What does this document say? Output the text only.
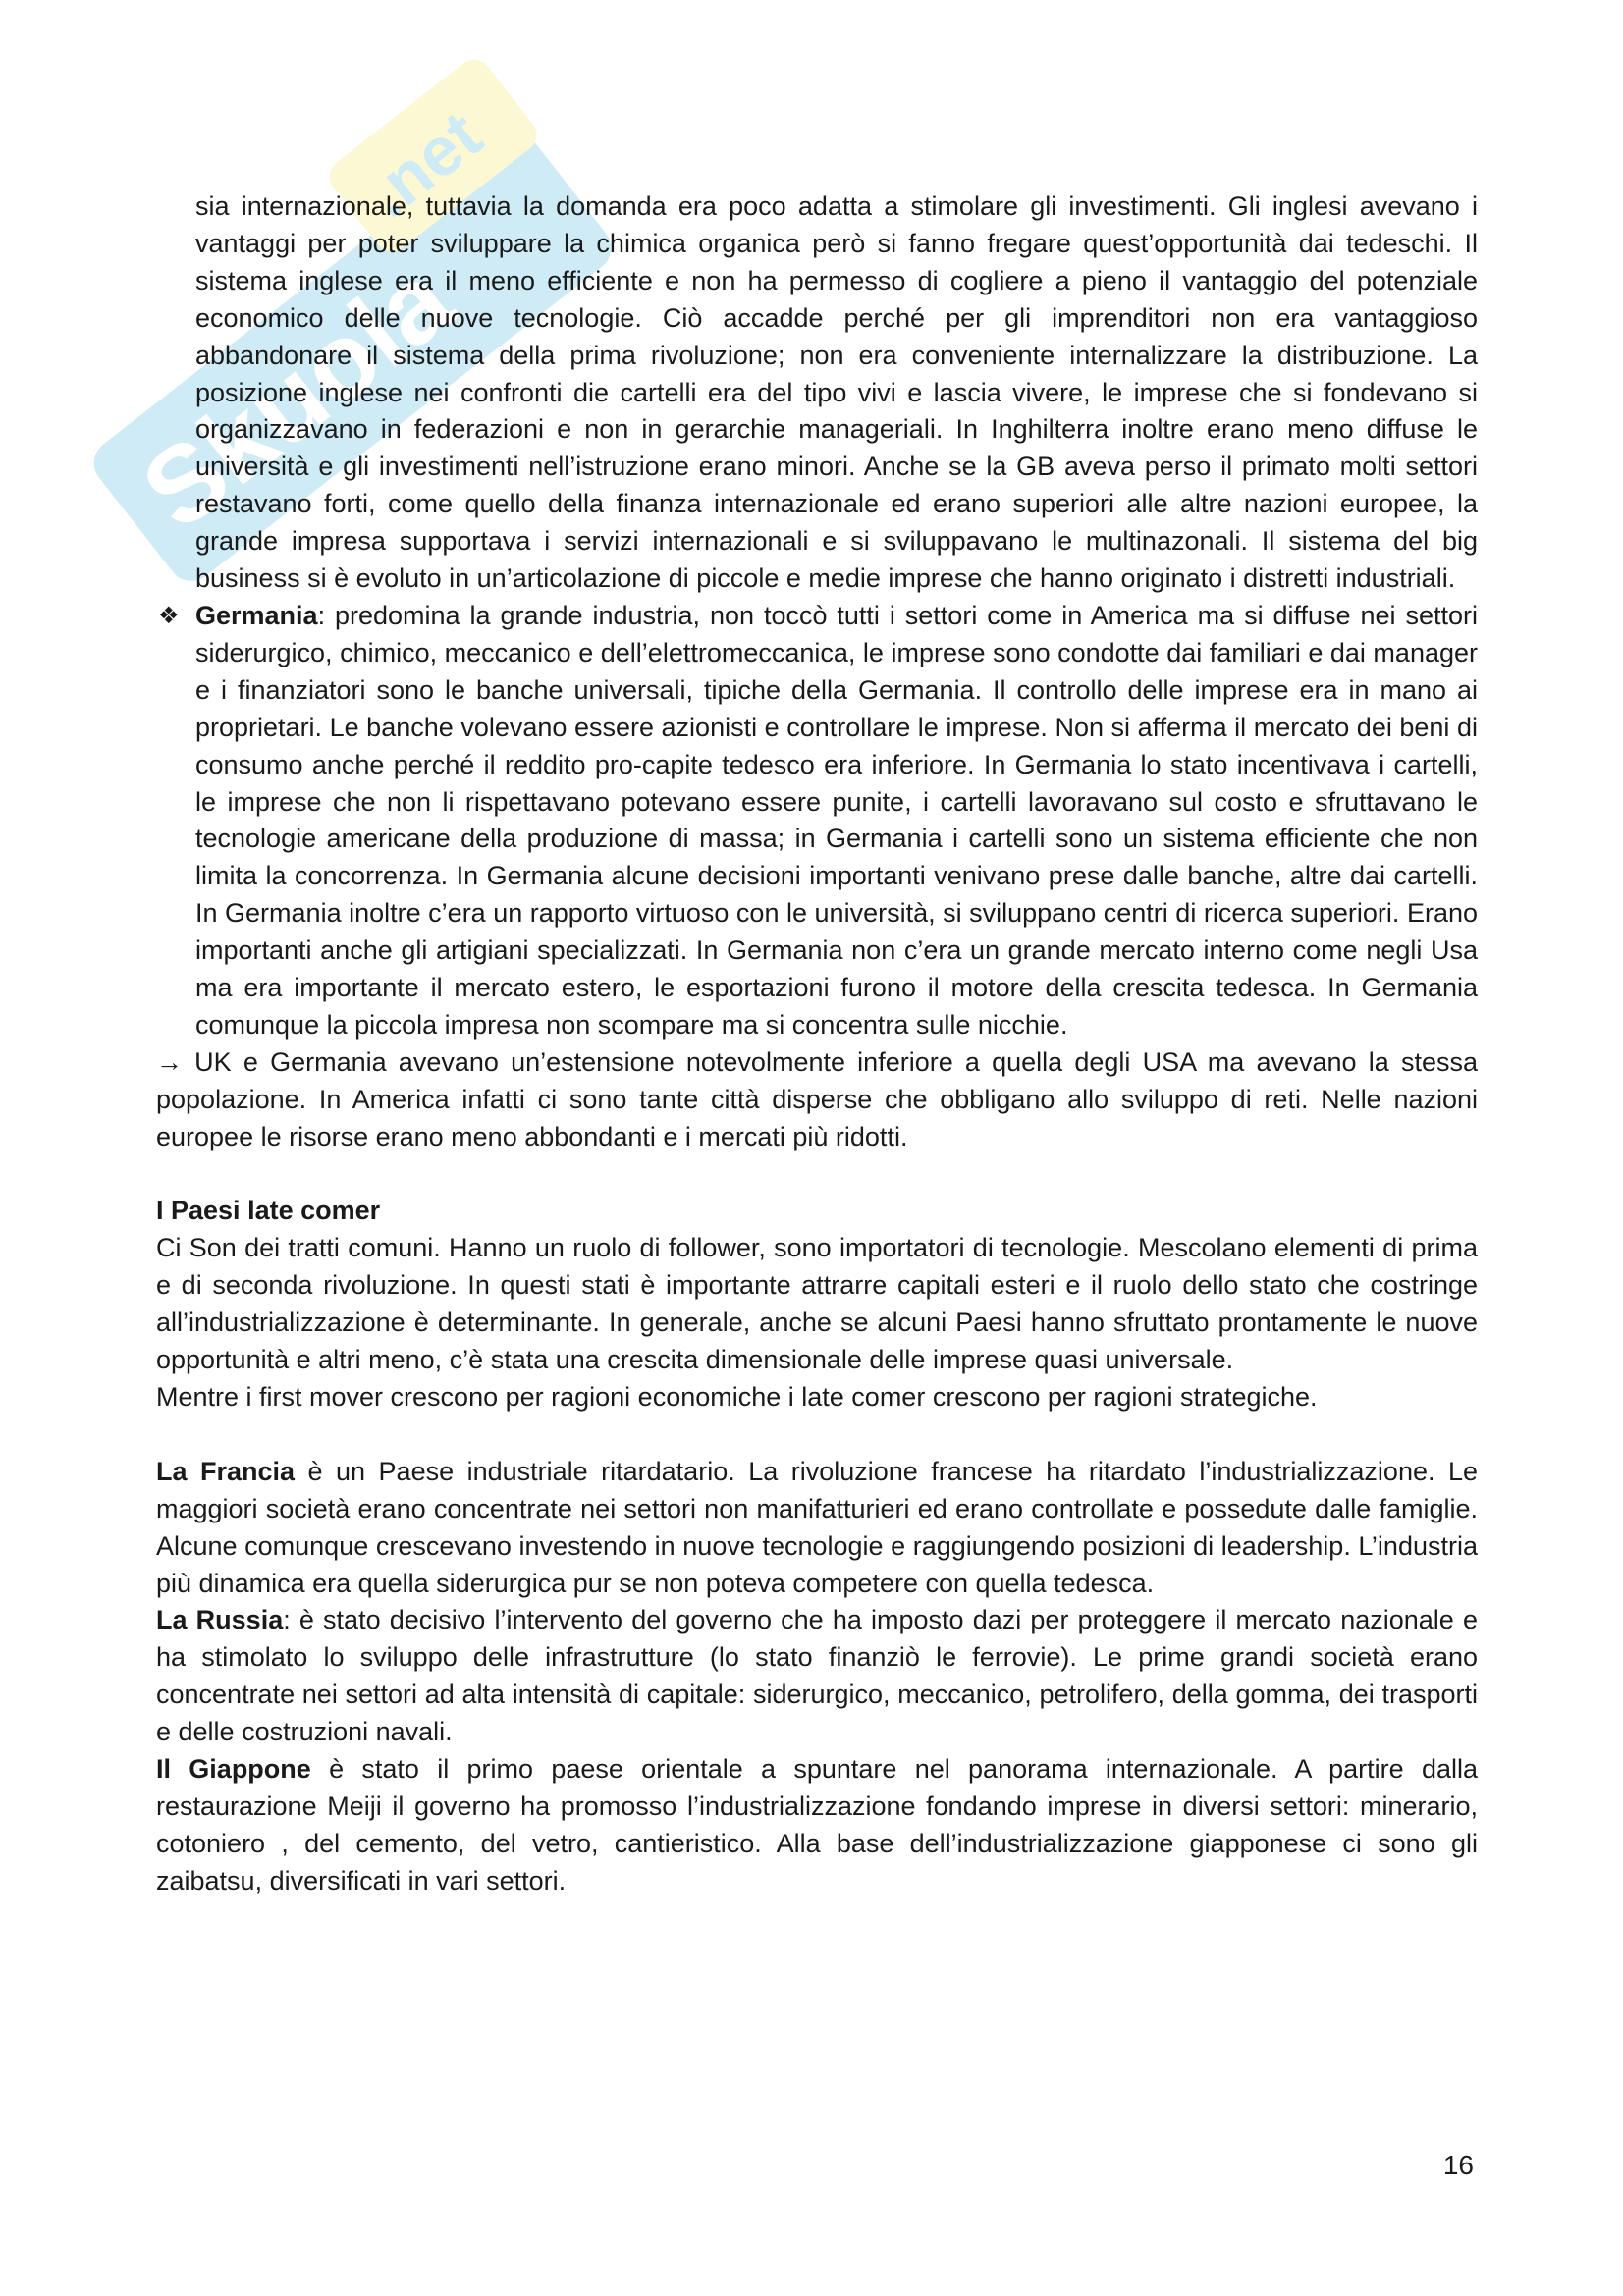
Skuola
.net

sia internazionale, tuttavia la domanda era poco adatta a stimolare gli investimenti. Gli inglesi avevano i vantaggi per poter sviluppare la chimica organica però si fanno fregare quest’opportunità dai tedeschi. Il sistema inglese era il meno efficiente e non ha permesso di cogliere a pieno il vantaggio del potenziale economico delle nuove tecnologie. Ciò accadde perché per gli imprenditori non era vantaggioso abbandonare il sistema della prima rivoluzione; non era conveniente internalizzare la distribuzione. La posizione inglese nei confronti die cartelli era del tipo vivi e lascia vivere, le imprese che si fondevano si organizzavano in federazioni e non in gerarchie manageriali. In Inghilterra inoltre erano meno diffuse le università e gli investimenti nell’istruzione erano minori. Anche se la GB aveva perso il primato molti settori restavano forti, come quello della finanza internazionale ed erano superiori alle altre nazioni europee, la grande impresa supportava i servizi internazionali e si sviluppavano le multinazonali. Il sistema del big business si è evoluto in un’articolazione di piccole e medie imprese che hanno originato i distretti industriali.

❖ Germania: predomina la grande industria, non toccò tutti i settori come in America ma si diffuse nei settori siderurgico, chimico, meccanico e dell’elettromeccanica, le imprese sono condotte dai familiari e dai manager e i finanziatori sono le banche universali, tipiche della Germania. Il controllo delle imprese era in mano ai proprietari. Le banche volevano essere azionisti e controllare le imprese. Non si afferma il mercato dei beni di consumo anche perché il reddito pro-capite tedesco era inferiore. In Germania lo stato incentivava i cartelli, le imprese che non li rispettavano potevano essere punite, i cartelli lavoravano sul costo e sfruttavano le tecnologie americane della produzione di massa; in Germania i cartelli sono un sistema efficiente che non limita la concorrenza. In Germania alcune decisioni importanti venivano prese dalle banche, altre dai cartelli. In Germania inoltre c’era un rapporto virtuoso con le università, si sviluppano centri di ricerca superiori. Erano importanti anche gli artigiani specializzati. In Germania non c’era un grande mercato interno come negli Usa ma era importante il mercato estero, le esportazioni furono il motore della crescita tedesca. In Germania comunque la piccola impresa non scompare ma si concentra sulle nicchie.

→ UK e Germania avevano un’estensione notevolmente inferiore a quella degli USA ma avevano la stessa popolazione. In America infatti ci sono tante città disperse che obbligano allo sviluppo di reti. Nelle nazioni europee le risorse erano meno abbondanti e i mercati più ridotti.

I Paesi late comer

Ci Son dei tratti comuni. Hanno un ruolo di follower, sono importatori di tecnologie. Mescolano elementi di prima e di seconda rivoluzione. In questi stati è importante attrarre capitali esteri e il ruolo dello stato che costringe all’industrializzazione è determinante. In generale, anche se alcuni Paesi hanno sfruttato prontamente le nuove opportunità e altri meno, c’è stata una crescita dimensionale delle imprese quasi universale.

Mentre i first mover crescono per ragioni economiche i late comer crescono per ragioni strategiche.

La Francia è un Paese industriale ritardatario. La rivoluzione francese ha ritardato l’industrializzazione. Le maggiori società erano concentrate nei settori non manifatturieri ed erano controllate e possedute dalle famiglie. Alcune comunque crescevano investendo in nuove tecnologie e raggiungendo posizioni di leadership. L’industria più dinamica era quella siderurgica pur se non poteva competere con quella tedesca.

La Russia: è stato decisivo l’intervento del governo che ha imposto dazi per proteggere il mercato nazionale e ha stimolato lo sviluppo delle infrastrutture (lo stato finanziò le ferrovie). Le prime grandi società erano concentrate nei settori ad alta intensità di capitale: siderurgico, meccanico, petrolifero, della gomma, dei trasporti e delle costruzioni navali.

Il Giappone è stato il primo paese orientale a spuntare nel panorama internazionale. A partire dalla restaurazione Meiji il governo ha promosso l’industrializzazione fondando imprese in diversi settori: minerario, cotoniero , del cemento, del vetro, cantieristico. Alla base dell’industrializzazione giapponese ci sono gli zaibatsu, diversificati in vari settori.

16
